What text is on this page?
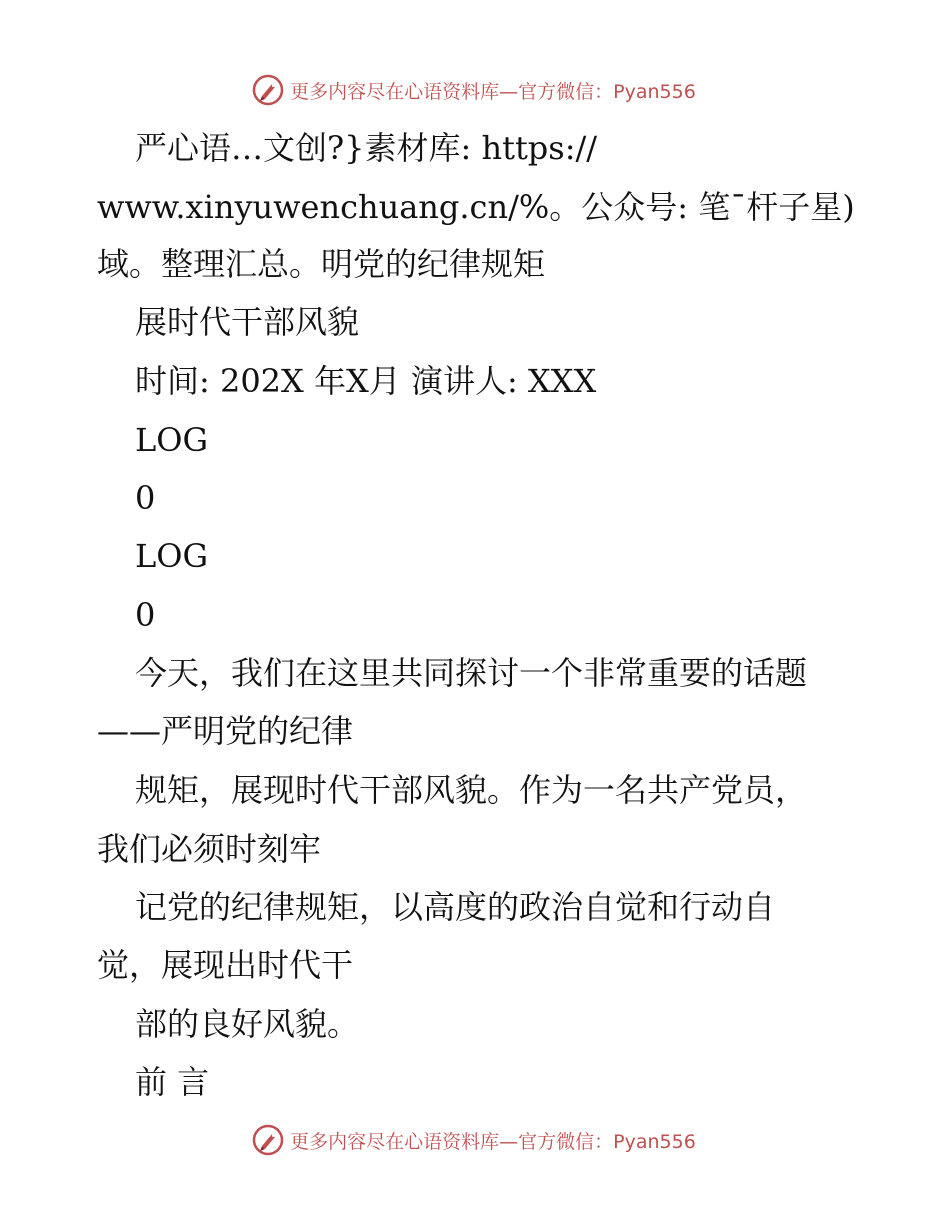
更多内容尽在心语资料库—官方微信：Pyan556
严心语…文创?}素材库: https://
www.xinyuwenchuang.cn/%。公众号: 笔¯杆子星)
域。整理汇总。明党的纪律规矩
展时代干部风貌
时间: 202X 年X月 演讲人: XXX
LOG
0
LOG
0
今天，我们在这里共同探讨一个非常重要的话题
——严明党的纪律
规矩，展现时代干部风貌。作为一名共产党员，
我们必须时刻牢
记党的纪律规矩，以高度的政治自觉和行动自
觉，展现出时代干
部的良好风貌。
前 言
更多内容尽在心语资料库—官方微信：Pyan556
